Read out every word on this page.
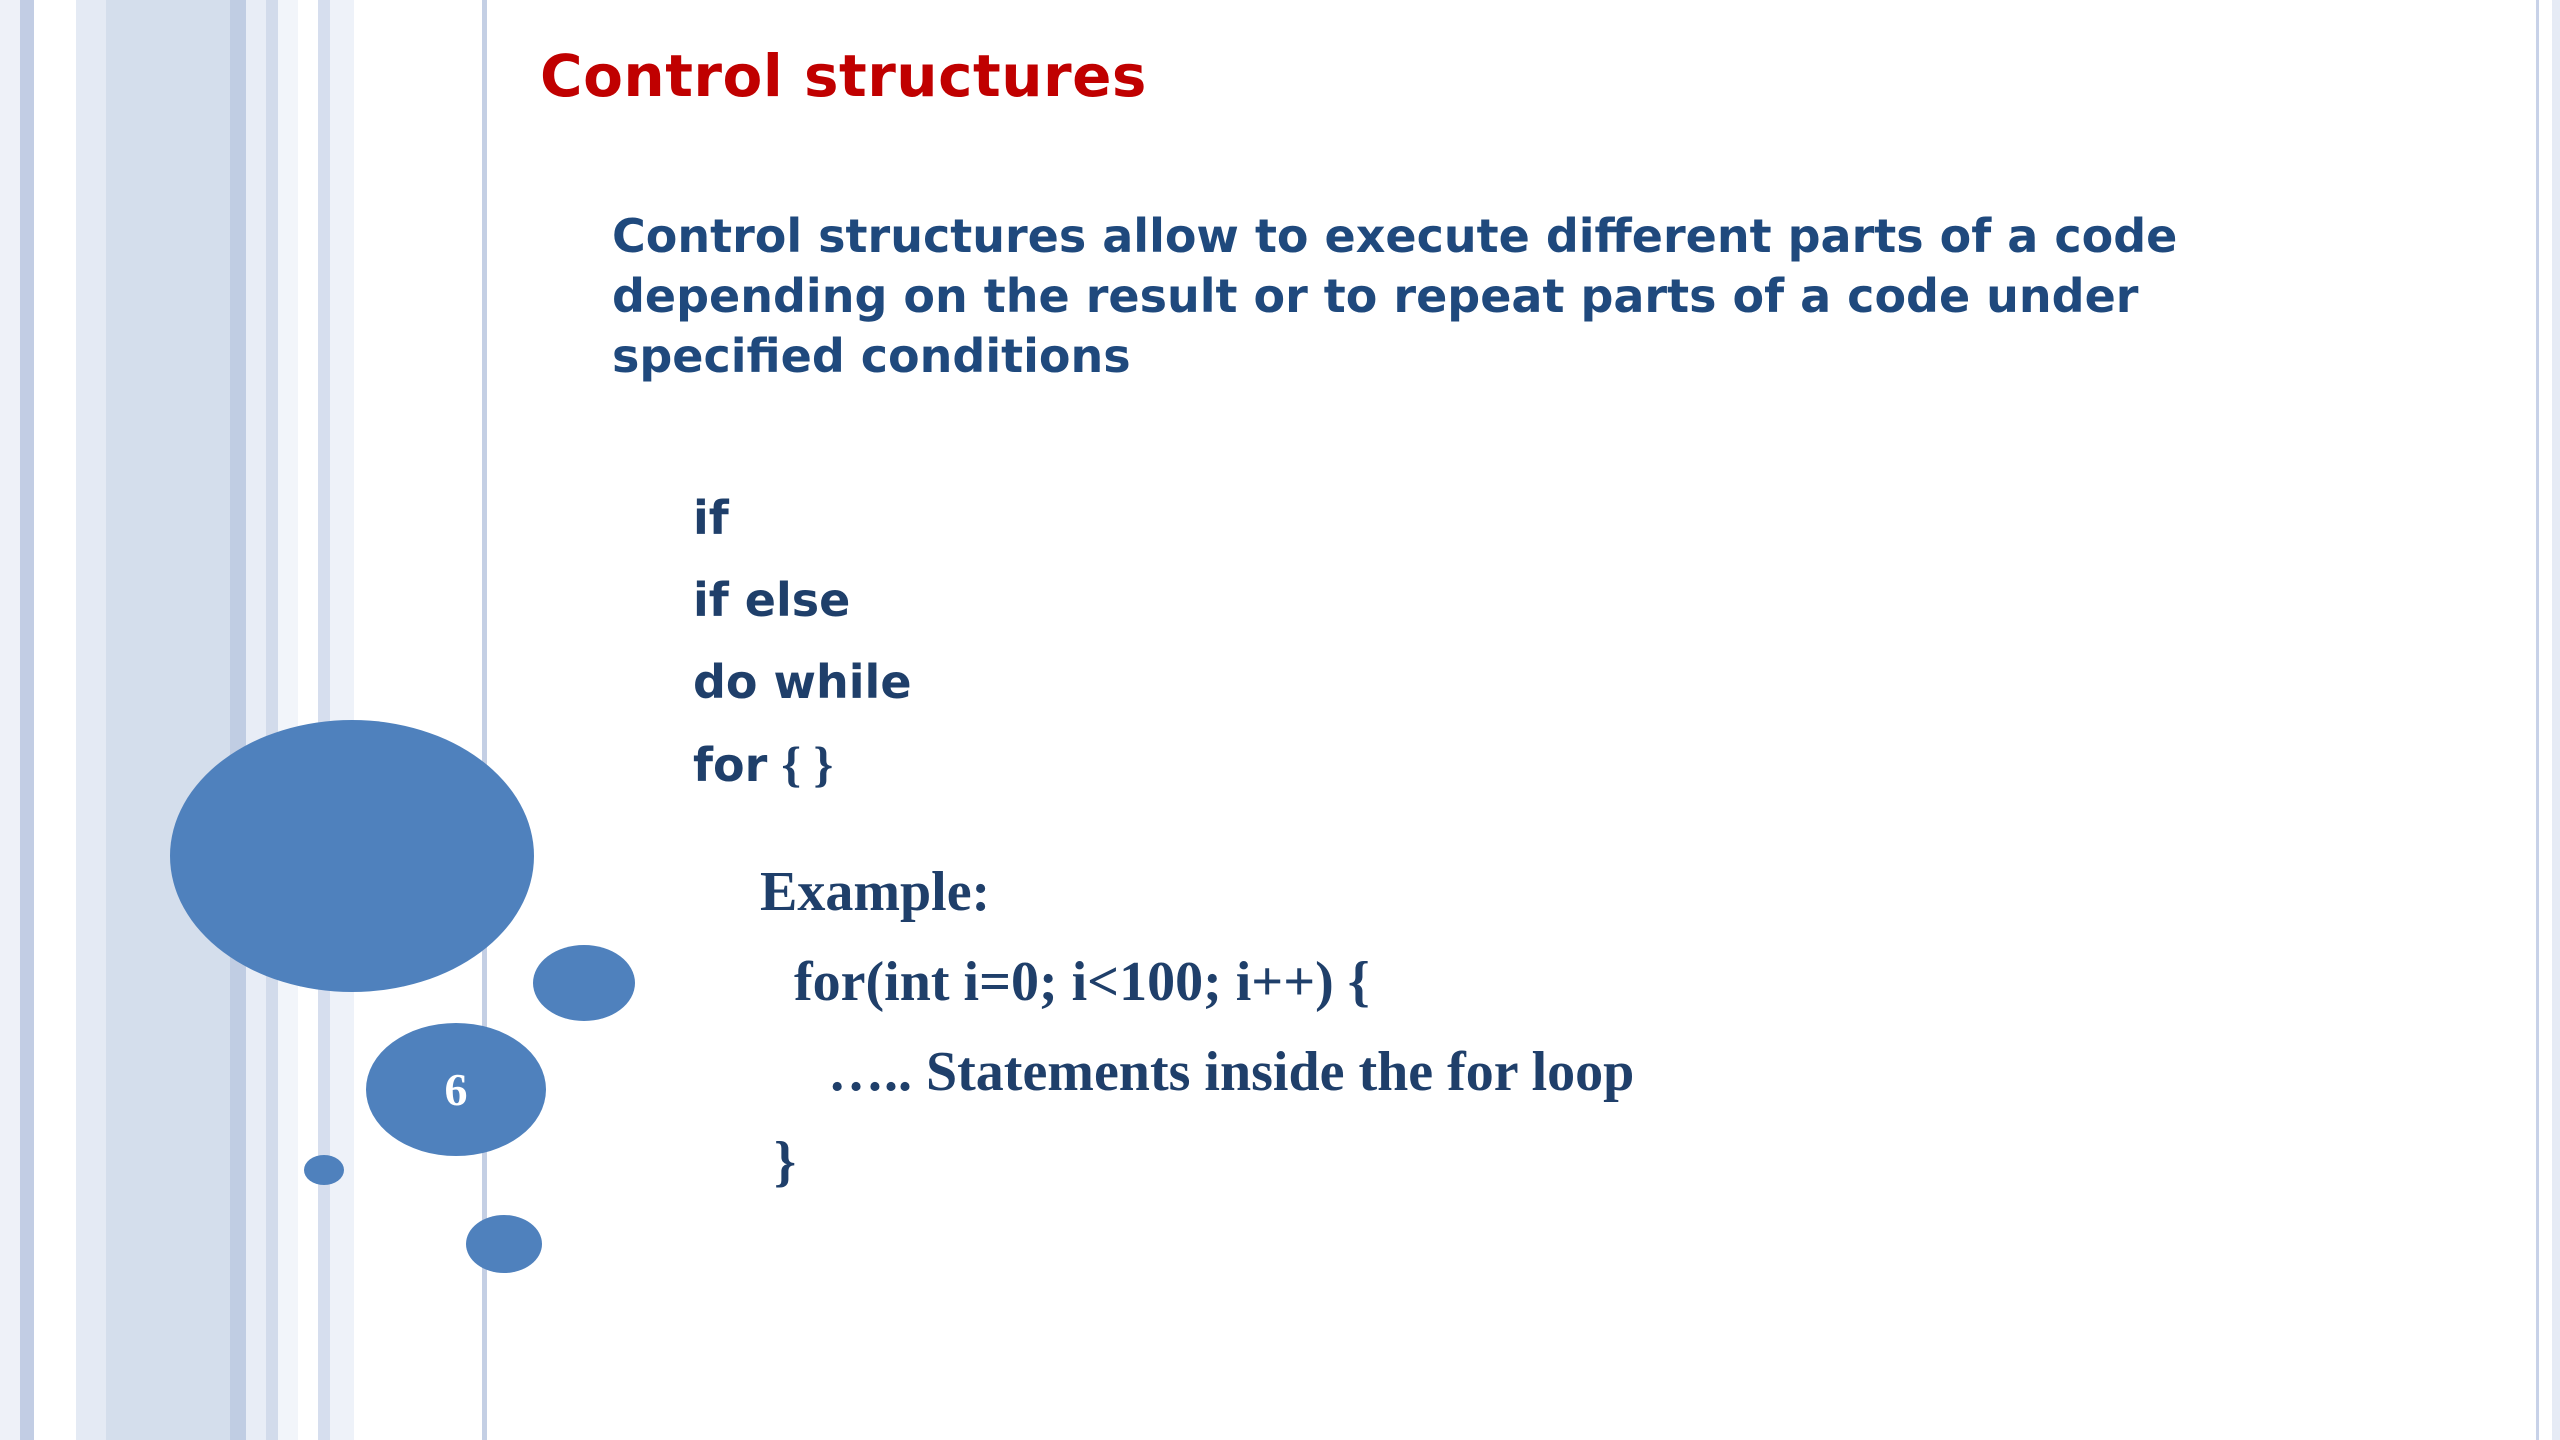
6
Control structures

Control structures allow to execute different parts of a code depending on the result or to repeat parts of a code under specified conditions

if
if else
do while
for { }
Example:
for(int i=0; i<100; i++) {
….. Statements inside the for loop
}
